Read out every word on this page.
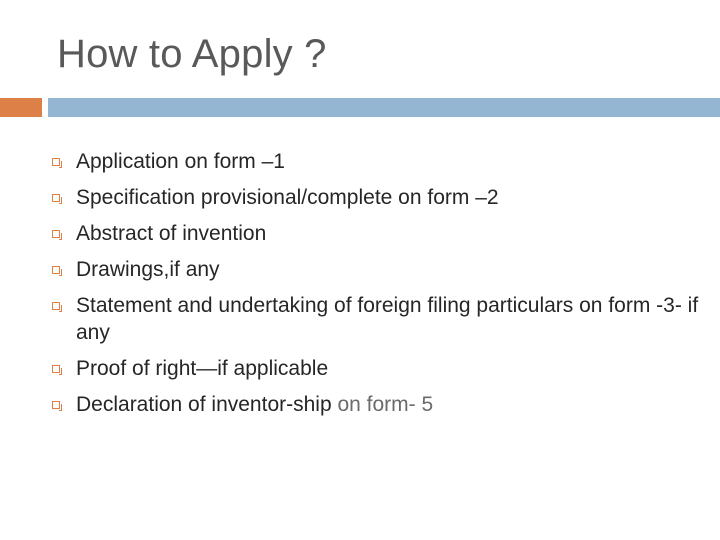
How to Apply ?
Application on form –1
Specification provisional/complete on form –2
Abstract of invention
Drawings,if any
Statement and undertaking of foreign filing particulars on form -3- if any
Proof of right—if applicable
Declaration of inventor-ship on form- 5
